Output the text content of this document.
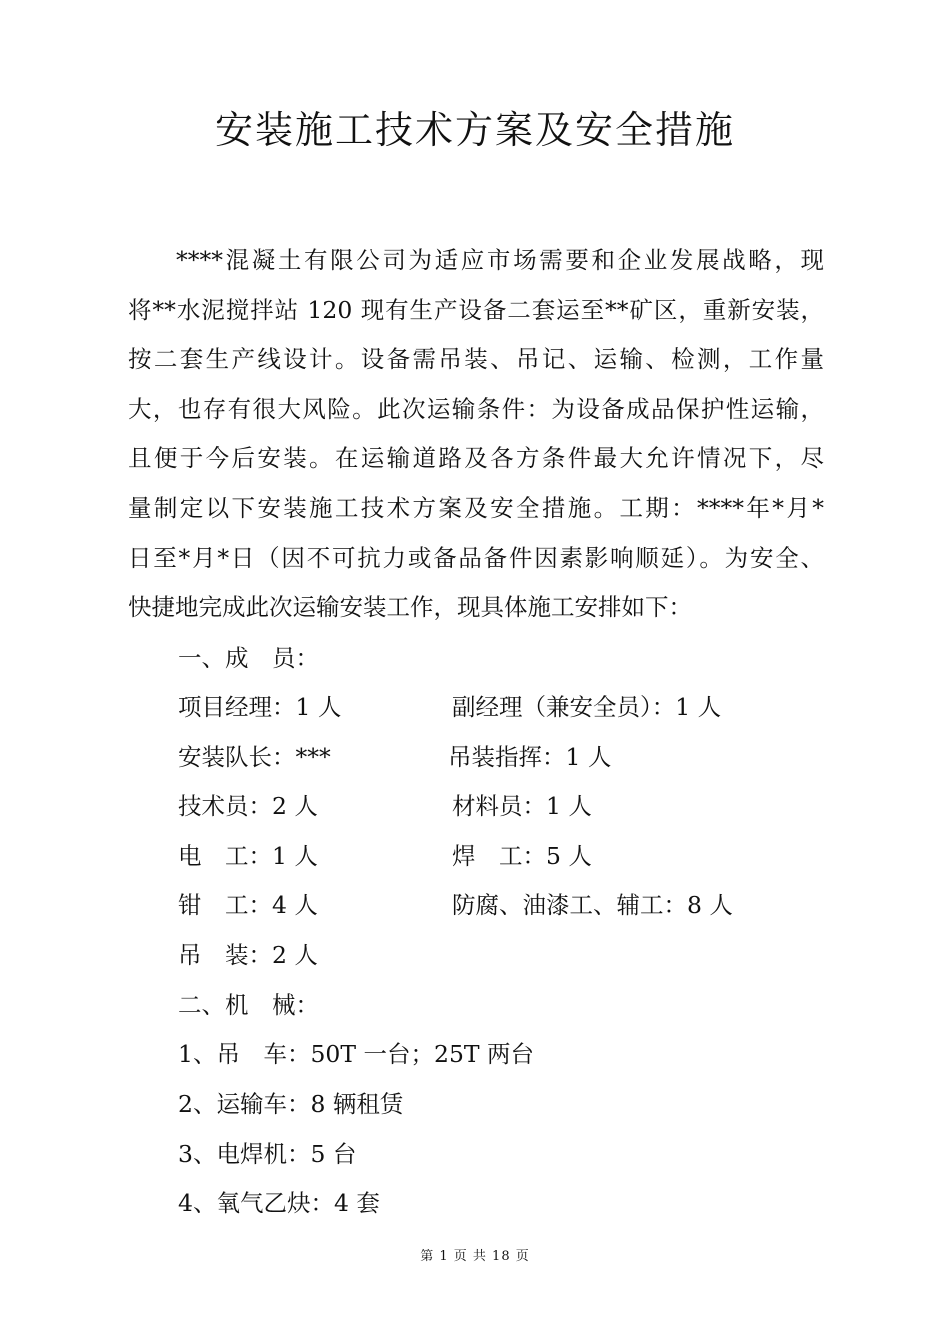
安装施工技术方案及安全措施
****混凝土有限公司为适应市场需要和企业发展战略，现
将**水泥搅拌站 120 现有生产设备二套运至**矿区，重新安装，
按二套生产线设计。设备需吊装、吊记、运输、检测，工作量
大，也存有很大风险。此次运输条件：为设备成品保护性运输，
且便于今后安装。在运输道路及各方条件最大允许情况下，尽
量制定以下安装施工技术方案及安全措施。工期：****年*月*
日至*月*日（因不可抗力或备品备件因素影响顺延）。为安全、
快捷地完成此次运输安装工作，现具体施工安排如下：
一、成　员：
项目经理：1 人	副经理（兼安全员）：1 人
安装队长：***	吊装指挥：1 人
技术员：2 人	材料员：1 人
电　工：1 人	焊　工：5 人
钳　工：4 人	防腐、油漆工、辅工：8 人
吊　装：2 人
二、机　械：
1、吊　车：50T 一台；25T 两台
2、运输车：8 辆租赁
3、电焊机：5 台
4、氧气乙炔：4 套
第 1 页 共 18 页
